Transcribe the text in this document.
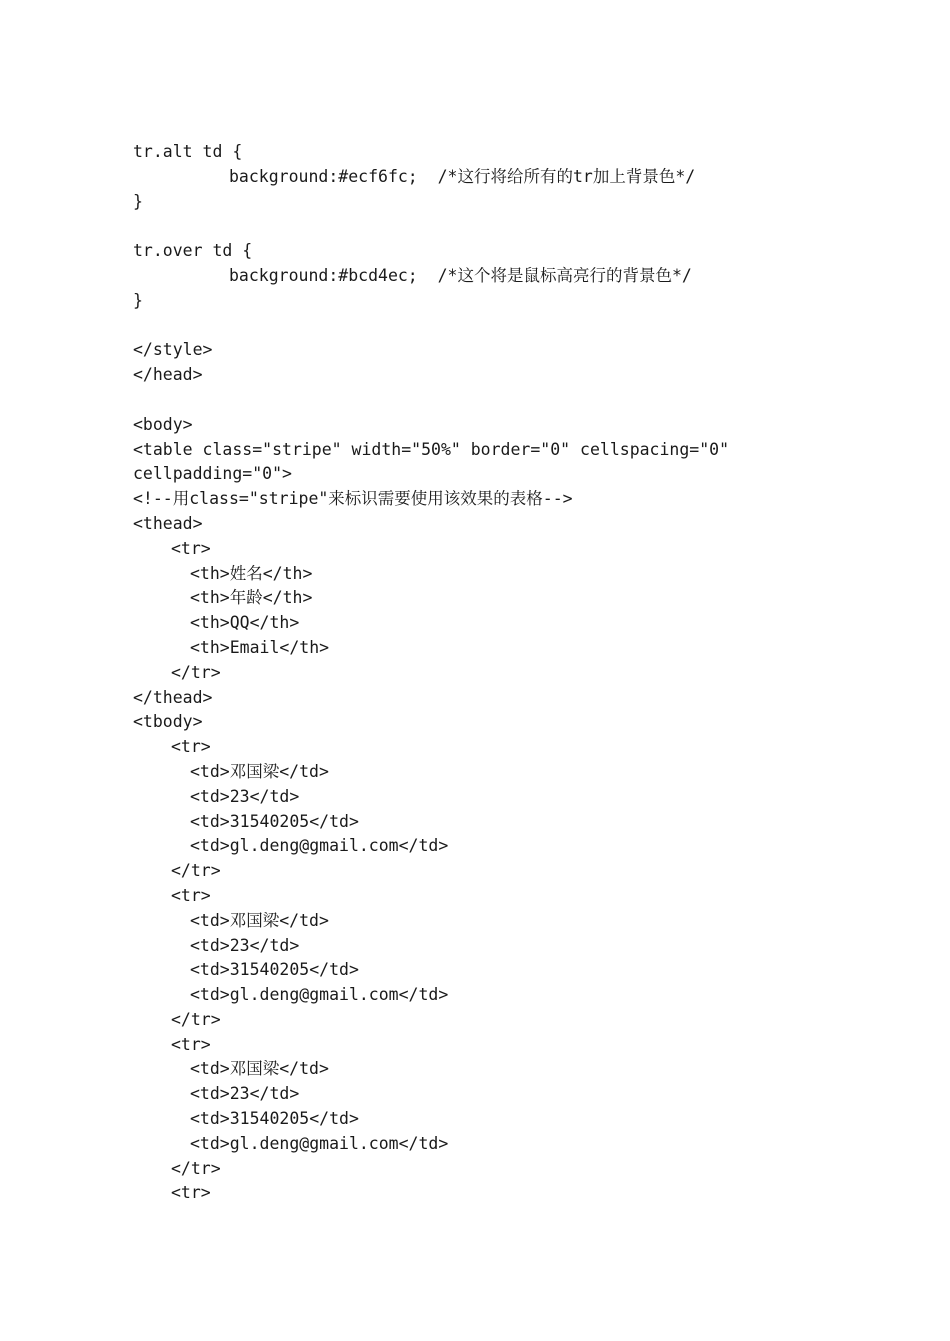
tr.alt td {
background:#ecf6fc;  /*这行将给所有的tr加上背景色*/
}
tr.over td {
background:#bcd4ec;  /*这个将是鼠标高亮行的背景色*/
}
</style>
</head>
<body>
<table class="stripe" width="50%" border="0" cellspacing="0"
cellpadding="0">
<!--用class="stripe"来标识需要使用该效果的表格-->
<thead>
<tr>
<th>姓名</th>
<th>年龄</th>
<th>QQ</th>
<th>Email</th>
</tr>
</thead>
<tbody>
<tr>
<td>邓国梁</td>
<td>23</td>
<td>31540205</td>
<td>gl.deng@gmail.com</td>
</tr>
<tr>
<td>邓国梁</td>
<td>23</td>
<td>31540205</td>
<td>gl.deng@gmail.com</td>
</tr>
<tr>
<td>邓国梁</td>
<td>23</td>
<td>31540205</td>
<td>gl.deng@gmail.com</td>
</tr>
<tr>
